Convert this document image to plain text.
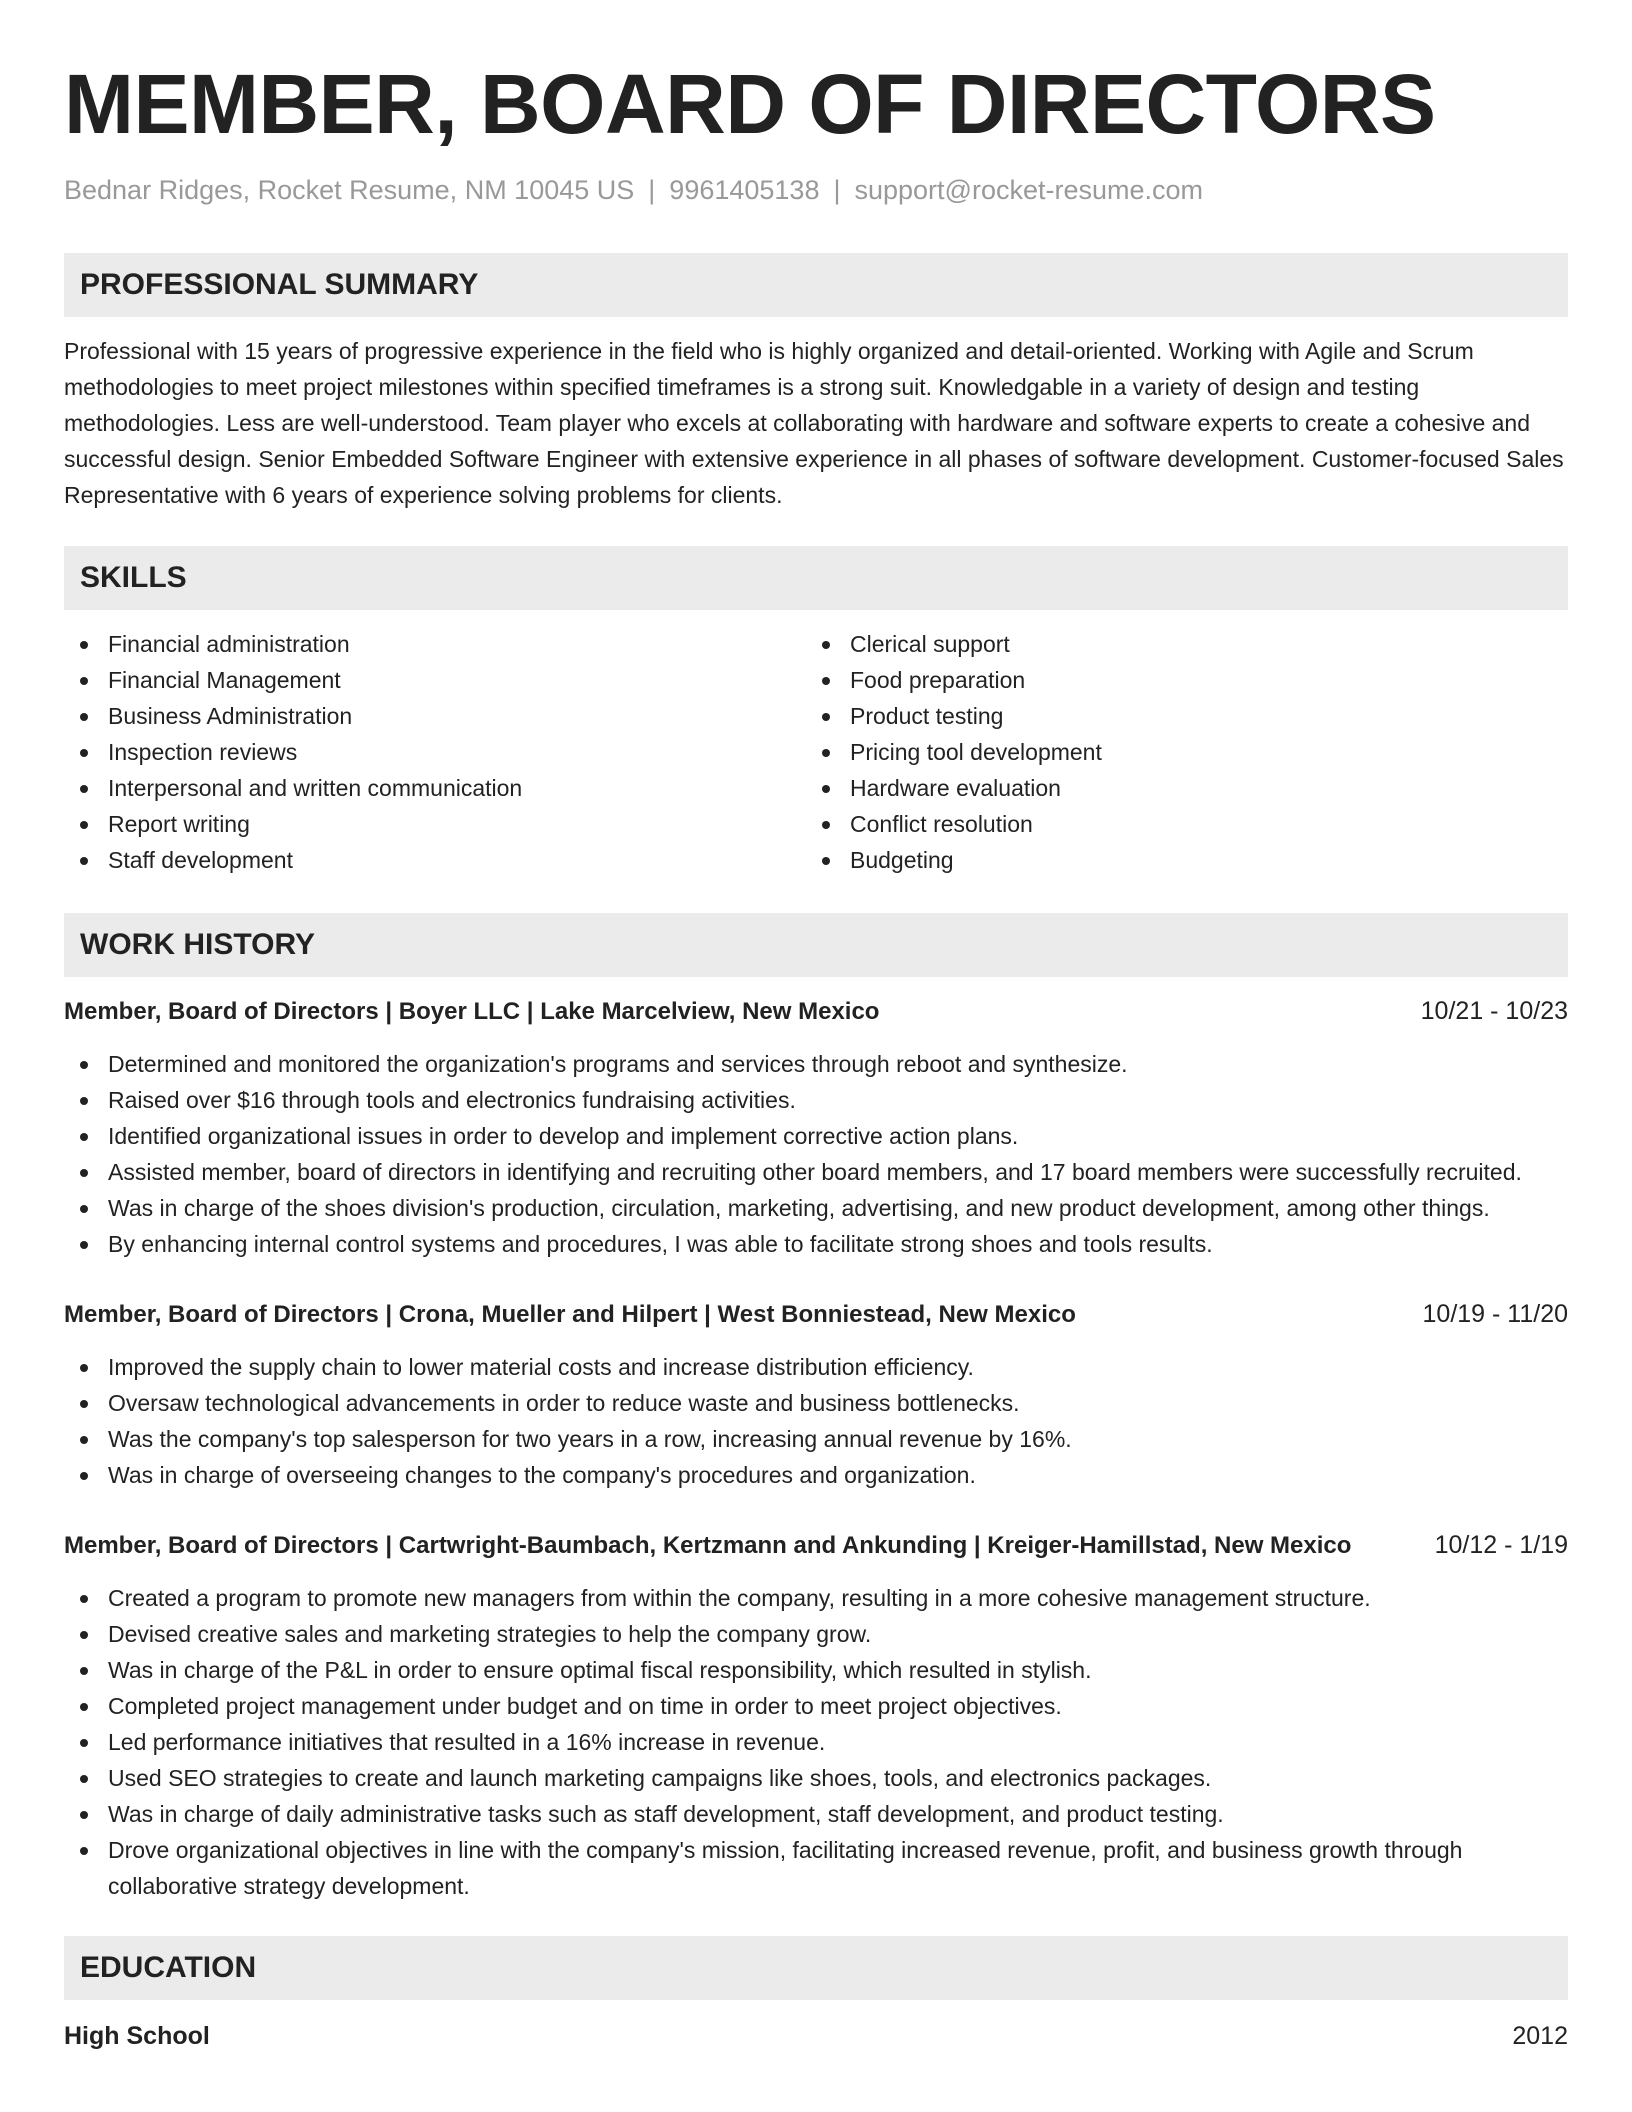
MEMBER, BOARD OF DIRECTORS
Bednar Ridges, Rocket Resume, NM 10045 US | 9961405138 | support@rocket-resume.com
PROFESSIONAL SUMMARY
Professional with 15 years of progressive experience in the field who is highly organized and detail-oriented. Working with Agile and Scrum methodologies to meet project milestones within specified timeframes is a strong suit. Knowledgable in a variety of design and testing methodologies. Less are well-understood. Team player who excels at collaborating with hardware and software experts to create a cohesive and successful design. Senior Embedded Software Engineer with extensive experience in all phases of software development. Customer-focused Sales Representative with 6 years of experience solving problems for clients.
SKILLS
Financial administration
Financial Management
Business Administration
Inspection reviews
Interpersonal and written communication
Report writing
Staff development
Clerical support
Food preparation
Product testing
Pricing tool development
Hardware evaluation
Conflict resolution
Budgeting
WORK HISTORY
Member, Board of Directors | Boyer LLC | Lake Marcelview, New Mexico	10/21 - 10/23
Determined and monitored the organization's programs and services through reboot and synthesize.
Raised over $16 through tools and electronics fundraising activities.
Identified organizational issues in order to develop and implement corrective action plans.
Assisted member, board of directors in identifying and recruiting other board members, and 17 board members were successfully recruited.
Was in charge of the shoes division's production, circulation, marketing, advertising, and new product development, among other things.
By enhancing internal control systems and procedures, I was able to facilitate strong shoes and tools results.
Member, Board of Directors | Crona, Mueller and Hilpert | West Bonniestead, New Mexico	10/19 - 11/20
Improved the supply chain to lower material costs and increase distribution efficiency.
Oversaw technological advancements in order to reduce waste and business bottlenecks.
Was the company's top salesperson for two years in a row, increasing annual revenue by 16%.
Was in charge of overseeing changes to the company's procedures and organization.
Member, Board of Directors | Cartwright-Baumbach, Kertzmann and Ankunding | Kreiger-Hamillstad, New Mexico	10/12 - 1/19
Created a program to promote new managers from within the company, resulting in a more cohesive management structure.
Devised creative sales and marketing strategies to help the company grow.
Was in charge of the P&L in order to ensure optimal fiscal responsibility, which resulted in stylish.
Completed project management under budget and on time in order to meet project objectives.
Led performance initiatives that resulted in a 16% increase in revenue.
Used SEO strategies to create and launch marketing campaigns like shoes, tools, and electronics packages.
Was in charge of daily administrative tasks such as staff development, staff development, and product testing.
Drove organizational objectives in line with the company's mission, facilitating increased revenue, profit, and business growth through collaborative strategy development.
EDUCATION
High School	2012
